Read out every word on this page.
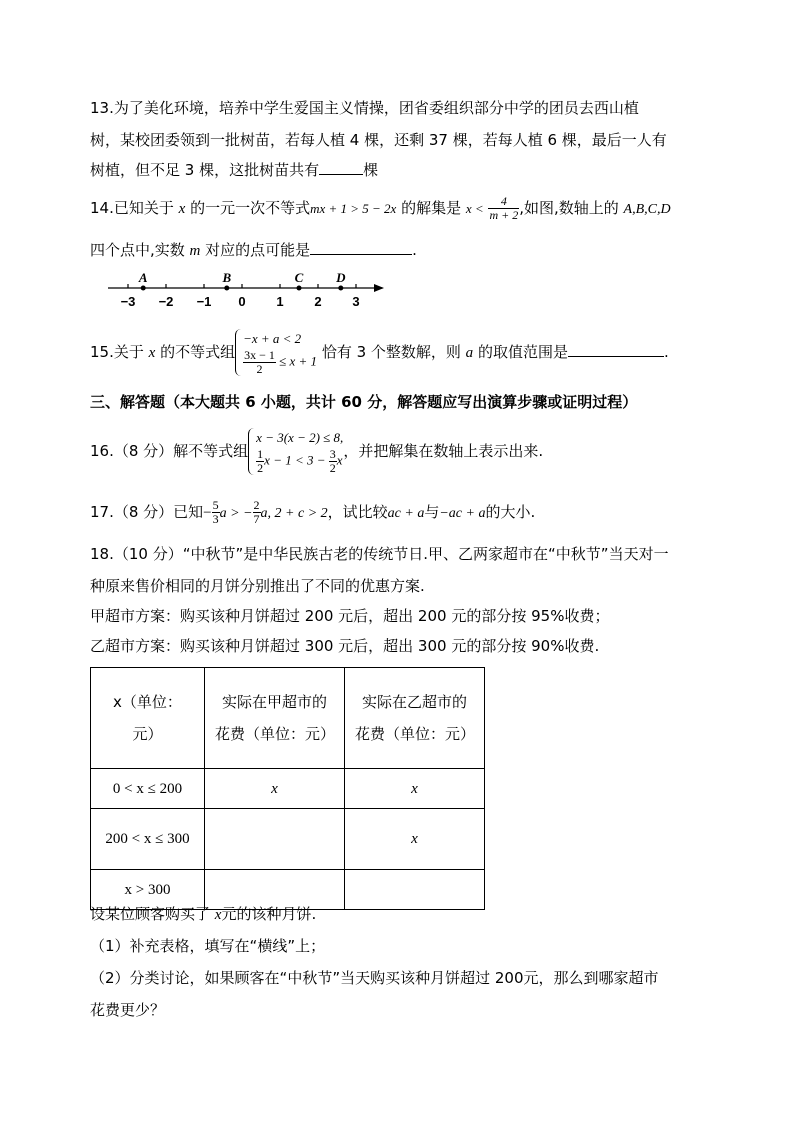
13.为了美化环境，培养中学生爱国主义情操，团省委组织部分中学的团员去西山植
树，某校团委领到一批树苗，若每人植 4 棵，还剩 37 棵，若每人植 6 棵，最后一人有
树植，但不足 3 棵，这批树苗共有	棵
14.已知关于 x 的一元一次不等式mx + 1 > 5 − 2x 的解集是 $x < \frac{4}{m + 2}$ ,如图,数轴上的 A,B,C,D
四个点中,实数 m 对应的点可能是	.
−3 −2 −1 0 1 2 3
A	B	C	D
15.关于 x 的不等式组
−x + a < 2
$\frac{3x - 1}{2} \le x + 1$ 恰有 3 个整数解，则 a 的取值范围是	.
三、解答题（本大题共 6 小题，共计 60 分，解答题应写出演算步骤或证明过程）
16.（8 分）解不等式组
x − 3(x − 2) ≤ 8,
$\frac{1}{2}$ $x - 1 < 3 - \frac{3}{2}$ x ，并把解集在数轴上表示出来.
17.（8 分）已知− $\frac{5}{3}$ a > − $\frac{2}{7} a$, 2 + c > 2，试比较ac + a与−ac + a的大小.
18.（10 分）“中秋节”是中华民族古老的传统节日.甲、乙两家超市在“中秋节”当天对一
种原来售价相同的月饼分别推出了不同的优惠方案.
甲超市方案：购买该种月饼超过 200 元后，超出 200 元的部分按 95%收费；
乙超市方案：购买该种月饼超过 300 元后，超出 300 元的部分按 90%收费.
x（单位：元）	实际在甲超市的花费（单位：元）	实际在乙超市的花费（单位：元）
0 < x ≤ 200	x	x
200 < x ≤ 300		x
x > 300		
设某位顾客购买了 x元的该种月饼.
（1）补充表格，填写在“横线”上；
（2）分类讨论，如果顾客在“中秋节”当天购买该种月饼超过 200元，那么到哪家超市
花费更少？
